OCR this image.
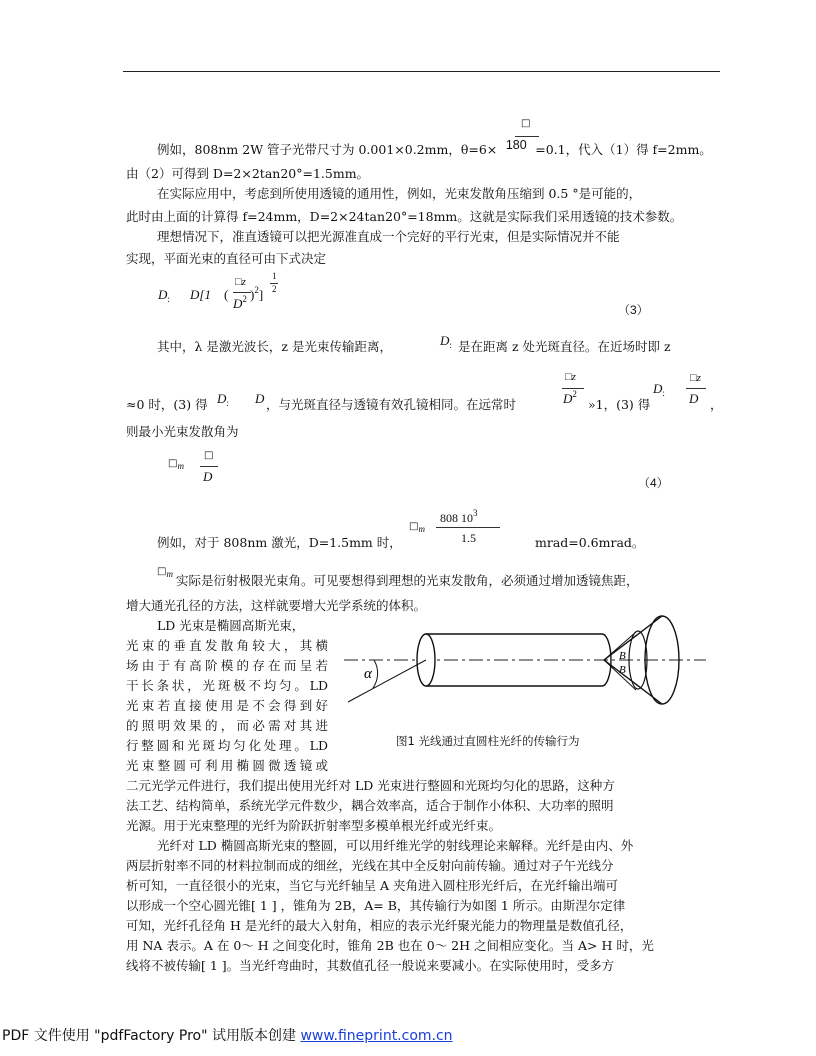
□
例如，808nm 2W 管子光带尺寸为 0.001×0.2mm，θ=6× 180 =0.1，代入（1）得 f=2mm。
由（2）可得到 D=2×2tan20°=1.5mm。
在实际应用中，考虑到所使用透镜的通用性，例如，光束发散角压缩到 0.5 °是可能的，
此时由上面的计算得 f=24mm，D=2×24tan20°=18mm。这就是实际我们采用透镜的技术参数。
理想情况下，准直透镜可以把光源准直成一个完好的平行光束，但是实际情况并不能
实现，平面光束的直径可由下式决定
$D_:$ D[1 (
□z
$D^2$ )$^2$]
1
2
（3）
其中，λ 是激光波长，z 是光束传输距离，	$D_:$ 是在距离 z 处光斑直径。在近场时即 z
≈0 时，(3) 得 $D_:$ D ，与光斑直径与透镜有效孔镜相同。在远常时
□z
$D^2$
»1，(3) 得
$D_:$
□z
D ，
则最小光束发散角为
□m
□
D	（4）
例如，对于 808nm 激光，D=1.5mm 时，
□m
808 $10^3$
1.5	mrad=0.6mrad。
□m 实际是衍射极限光束角。可见要想得到理想的光束发散角，必须通过增加透镜焦距，
增大通光孔径的方法，这样就要增大光学系统的体积。
LD 光束是椭圆高斯光束，
光束的垂直发散角较大，其横
场由于有高阶模的存在而呈若
干长条状，光斑极不均匀。LD
光束若直接使用是不会得到好
的照明效果的，而必需对其进
行整圆和光斑均匀化处理。LD
光束整圆可利用椭圆微透镜或
α
B
B
图1 光线通过直圆柱光纤的传输行为
二元光学元件进行，我们提出使用光纤对 LD 光束进行整圆和光斑均匀化的思路，这种方
法工艺、结构简单，系统光学元件数少，耦合效率高，适合于制作小体积、大功率的照明
光源。用于光束整理的光纤为阶跃折射率型多模单根光纤或光纤束。
光纤对 LD 椭圆高斯光束的整圆，可以用纤维光学的射线理论来解释。光纤是由内、外
两层折射率不同的材料拉制而成的细丝，光线在其中全反射向前传输。通过对子午光线分
析可知，一直径很小的光束，当它与光纤轴呈 A 夹角进入圆柱形光纤后，在光纤输出端可
以形成一个空心圆光锥[ 1 ] ，锥角为 2B，A= B，其传输行为如图 1 所示。由斯涅尔定律
可知，光纤孔径角 H 是光纤的最大入射角，相应的表示光纤聚光能力的物理量是数值孔径，
用 NA 表示。A 在 0～ H 之间变化时，锥角 2B 也在 0～ 2H 之间相应变化。当 A> H 时，光
线将不被传输[ 1 ]。当光纤弯曲时，其数值孔径一般说来要减小。在实际使用时，受多方
PDF 文件使用 "pdfFactory Pro" 试用版本创建 www.fineprint.com.cn
